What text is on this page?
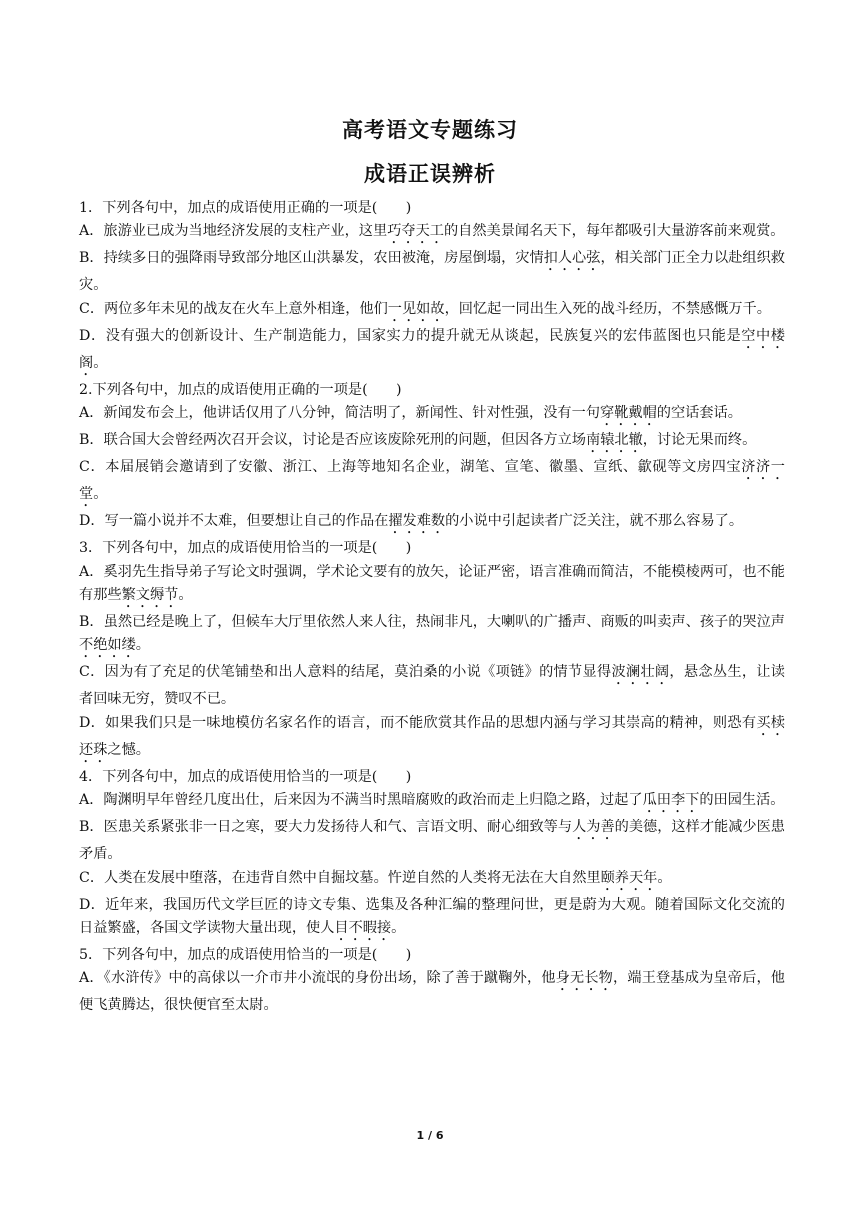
高考语文专题练习
成语正误辨析

1．下列各句中，加点的成语使用正确的一项是(　　)

A．旅游业已成为当地经济发展的支柱产业，这里巧夺天工的自然美景闻名天下，每年都吸引大量游客前来观赏。

B．持续多日的强降雨导致部分地区山洪暴发，农田被淹，房屋倒塌，灾情扣人心弦，相关部门正全力以赴组织救灾。

C．两位多年未见的战友在火车上意外相逢，他们一见如故，回忆起一同出生入死的战斗经历，不禁感慨万千。

D．没有强大的创新设计、生产制造能力，国家实力的提升就无从谈起，民族复兴的宏伟蓝图也只能是空中楼阁。

2.下列各句中，加点的成语使用正确的一项是(　　)

A．新闻发布会上，他讲话仅用了八分钟，简洁明了，新闻性、针对性强，没有一句穿靴戴帽的空话套话。

B．联合国大会曾经两次召开会议，讨论是否应该废除死刑的问题，但因各方立场南辕北辙，讨论无果而终。

C．本届展销会邀请到了安徽、浙江、上海等地知名企业，湖笔、宣笔、徽墨、宣纸、歙砚等文房四宝济济一堂。

D．写一篇小说并不太难，但要想让自己的作品在擢发难数的小说中引起读者广泛关注，就不那么容易了。

3．下列各句中，加点的成语使用恰当的一项是(　　)

A．奚羽先生指导弟子写论文时强调，学术论文要有的放矢，论证严密，语言准确而简洁，不能模棱两可，也不能有那些繁文缛节。

B．虽然已经是晚上了，但候车大厅里依然人来人往，热闹非凡，大喇叭的广播声、商贩的叫卖声、孩子的哭泣声不绝如缕。

C．因为有了充足的伏笔铺垫和出人意料的结尾，莫泊桑的小说《项链》的情节显得波澜壮阔，悬念丛生，让读者回味无穷，赞叹不已。

D．如果我们只是一味地模仿名家名作的语言，而不能欣赏其作品的思想内涵与学习其崇高的精神，则恐有买椟还珠之憾。

4．下列各句中，加点的成语使用恰当的一项是(　　)

A．陶渊明早年曾经几度出仕，后来因为不满当时黑暗腐败的政治而走上归隐之路，过起了瓜田李下的田园生活。

B．医患关系紧张非一日之寒，要大力发扬待人和气、言语文明、耐心细致等与人为善的美德，这样才能减少医患矛盾。

C．人类在发展中堕落，在违背自然中自掘坟墓。忤逆自然的人类将无法在大自然里颐养天年。

D．近年来，我国历代文学巨匠的诗文专集、选集及各种汇编的整理问世，更是蔚为大观。随着国际文化交流的日益繁盛，各国文学读物大量出现，使人目不暇接。

5．下列各句中，加点的成语使用恰当的一项是(　　)

A．《水浒传》中的高俅以一介市井小流氓的身份出场，除了善于蹴鞠外，他身无长物，端王登基成为皇帝后，他便飞黄腾达，很快便官至太尉。

1 / 6
